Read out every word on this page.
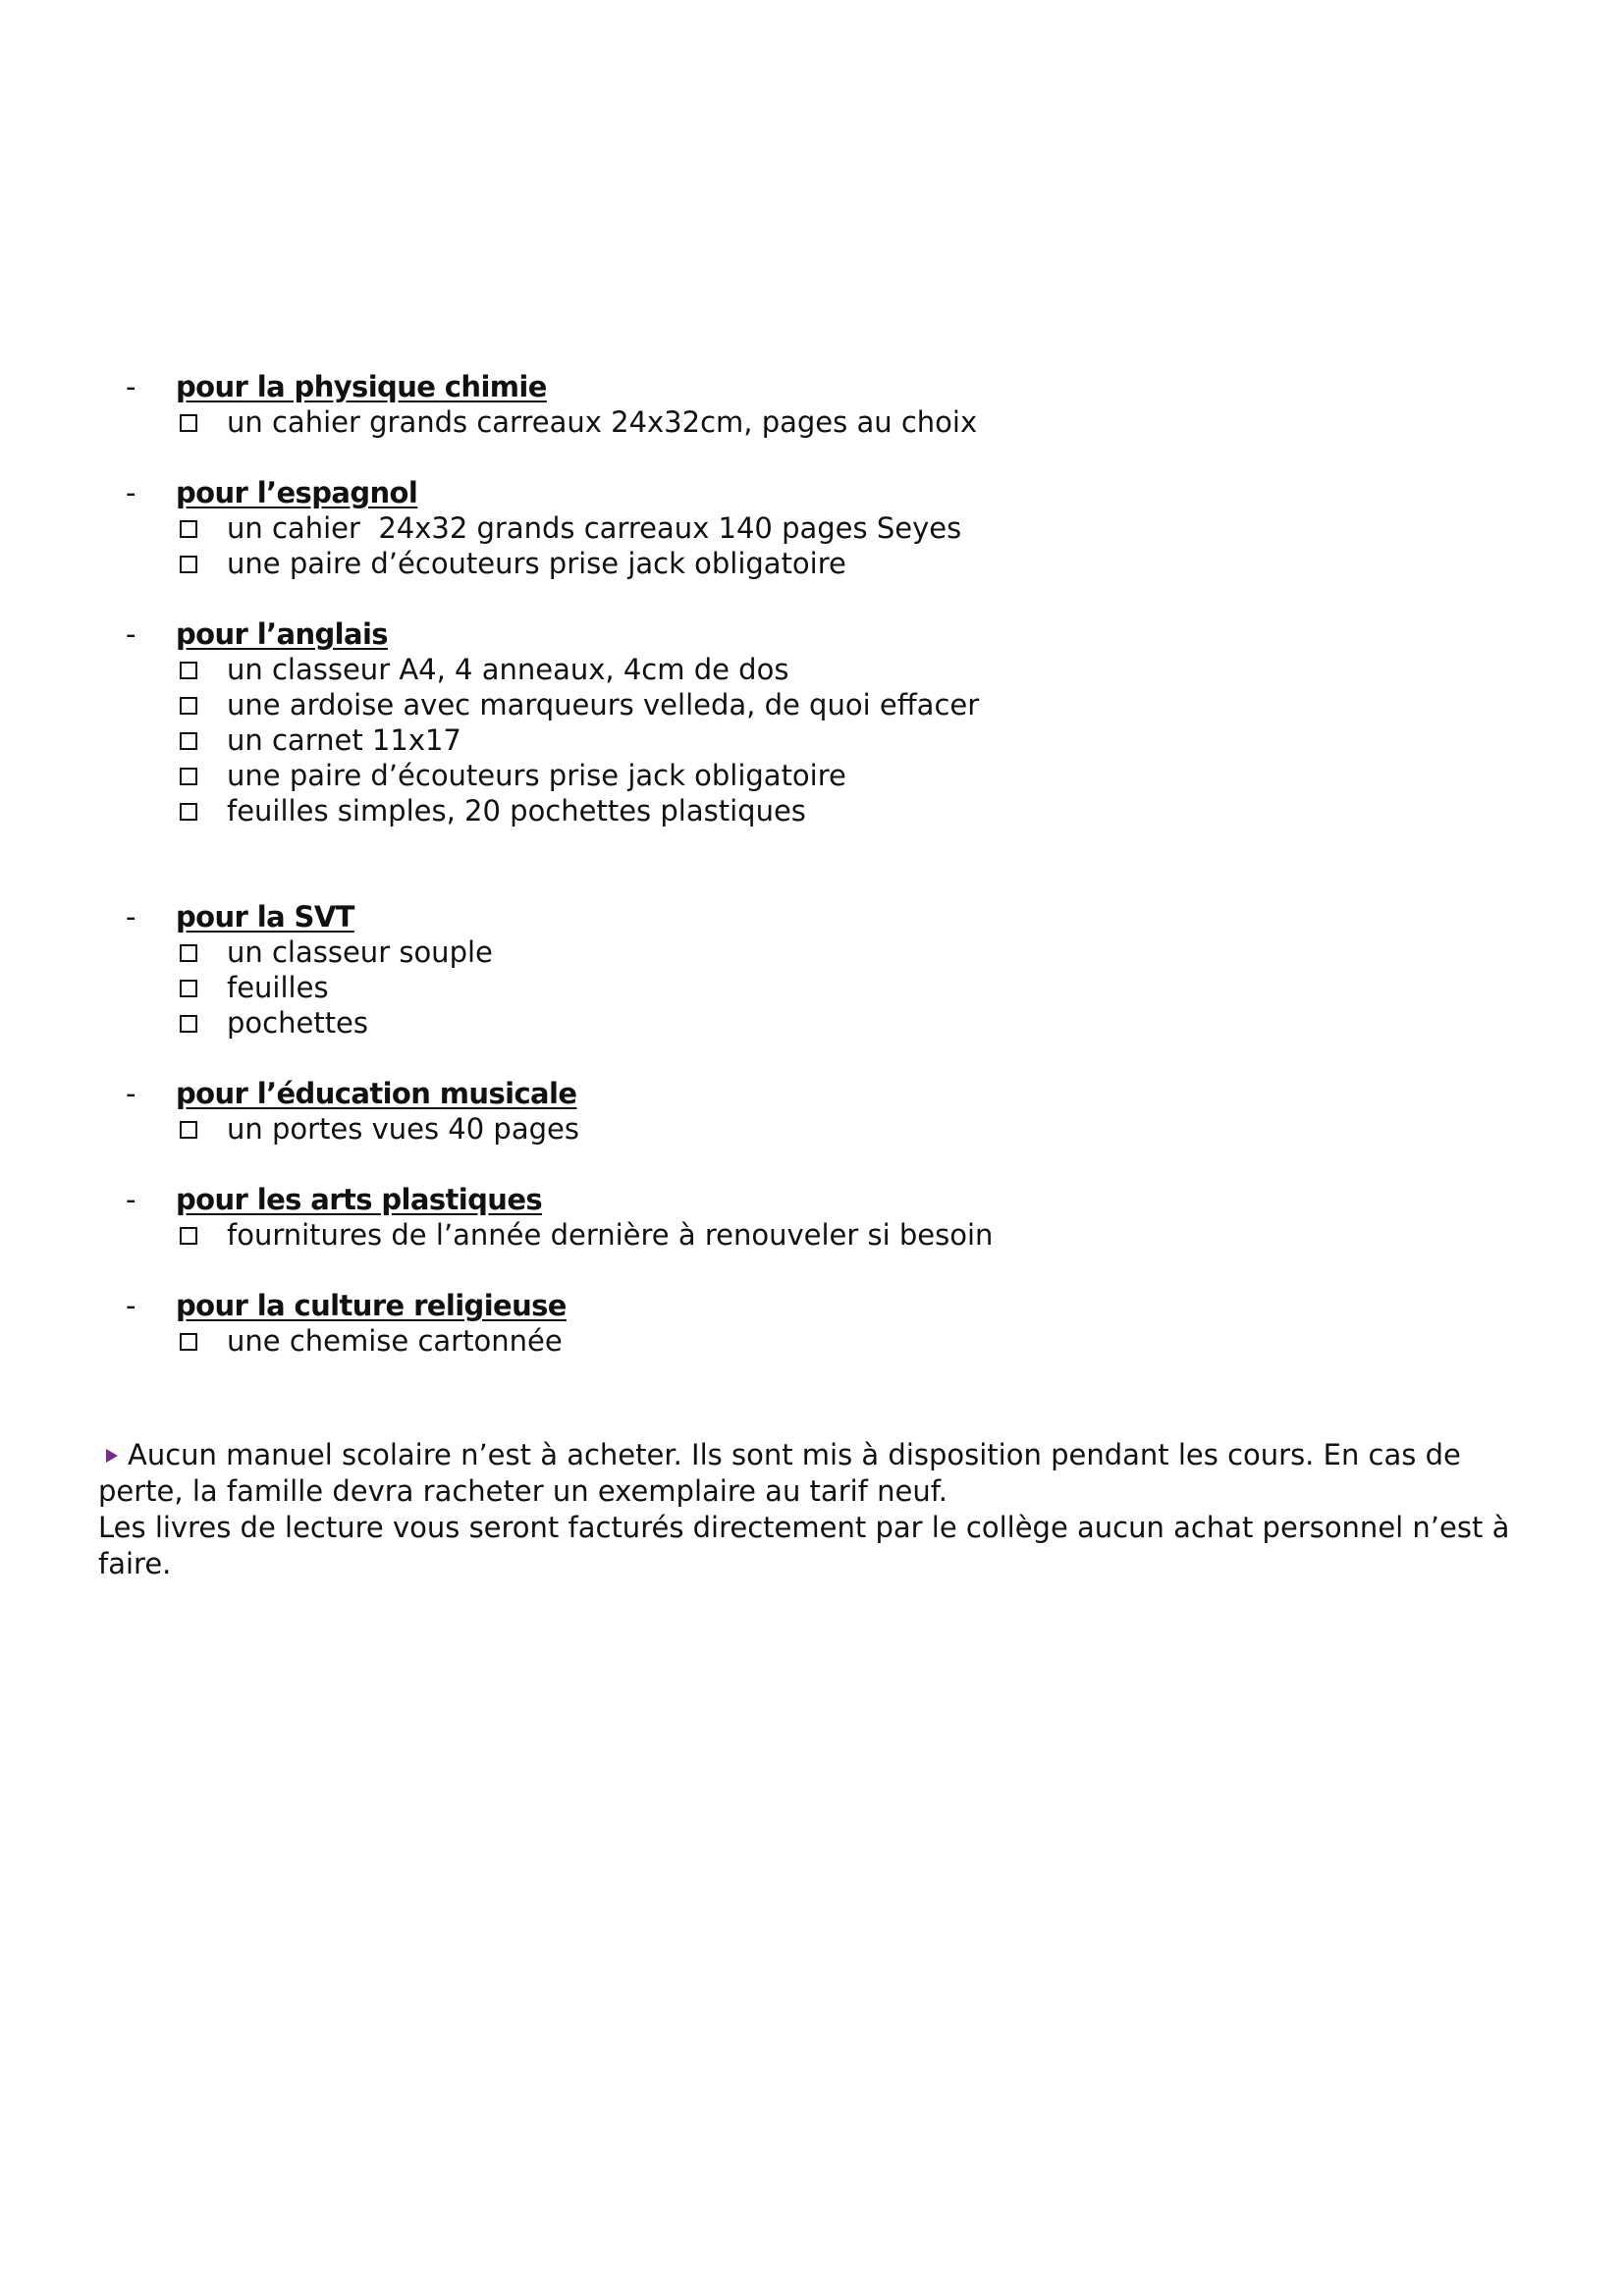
-	pour la physique chimie
un cahier grands carreaux 24x32cm, pages au choix
-	pour l’espagnol
un cahier  24x32 grands carreaux 140 pages Seyes
une paire d’écouteurs prise jack obligatoire
-	pour l’anglais
un classeur A4, 4 anneaux, 4cm de dos
une ardoise avec marqueurs velleda, de quoi effacer
un carnet 11x17
une paire d’écouteurs prise jack obligatoire
feuilles simples, 20 pochettes plastiques
-	pour la SVT
un classeur souple
feuilles
pochettes
-	pour l’éducation musicale
un portes vues 40 pages
-	pour les arts plastiques
fournitures de l’année dernière à renouveler si besoin
-	pour la culture religieuse
une chemise cartonnée

Aucun manuel scolaire n’est à acheter. Ils sont mis à disposition pendant les cours. En cas de perte, la famille devra racheter un exemplaire au tarif neuf.

Les livres de lecture vous seront facturés directement par le collège aucun achat personnel n’est à faire.
